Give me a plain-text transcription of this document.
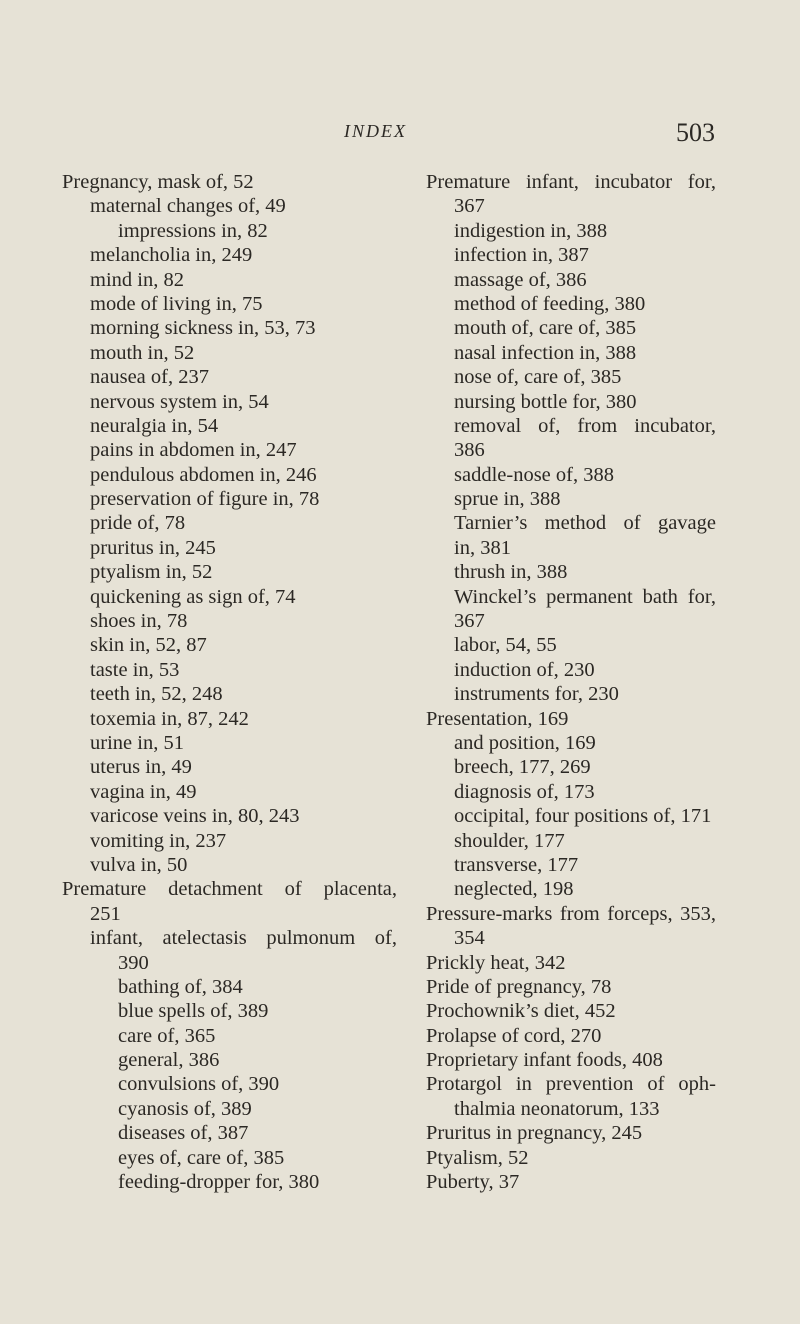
INDEX	503
Pregnancy, mask of, 52
maternal changes of, 49
impressions in, 82
melancholia in, 249
mind in, 82
mode of living in, 75
morning sickness in, 53, 73
mouth in, 52
nausea of, 237
nervous system in, 54
neuralgia in, 54
pains in abdomen in, 247
pendulous abdomen in, 246
preservation of figure in, 78
pride of, 78
pruritus in, 245
ptyalism in, 52
quickening as sign of, 74
shoes in, 78
skin in, 52, 87
taste in, 53
teeth in, 52, 248
toxemia in, 87, 242
urine in, 51
uterus in, 49
vagina in, 49
varicose veins in, 80, 243
vomiting in, 237
vulva in, 50
Premature detachment of placenta,
251
infant, atelectasis pulmonum of,
390
bathing of, 384
blue spells of, 389
care of, 365
general, 386
convulsions of, 390
cyanosis of, 389
diseases of, 387
eyes of, care of, 385
feeding-dropper for, 380
Premature infant, incubator for,
367
indigestion in, 388
infection in, 387
massage of, 386
method of feeding, 380
mouth of, care of, 385
nasal infection in, 388
nose of, care of, 385
nursing bottle for, 380
removal of, from incubator,
386
saddle-nose of, 388
sprue in, 388
Tarnier’s method of gavage
in, 381
thrush in, 388
Winckel’s permanent bath for,
367
labor, 54, 55
induction of, 230
instruments for, 230
Presentation, 169
and position, 169
breech, 177, 269
diagnosis of, 173
occipital, four positions of, 171
shoulder, 177
transverse, 177
neglected, 198
Pressure-marks from forceps, 353,
354
Prickly heat, 342
Pride of pregnancy, 78
Prochownik’s diet, 452
Prolapse of cord, 270
Proprietary infant foods, 408
Protargol in prevention of oph-
thalmia neonatorum, 133
Pruritus in pregnancy, 245
Ptyalism, 52
Puberty, 37
